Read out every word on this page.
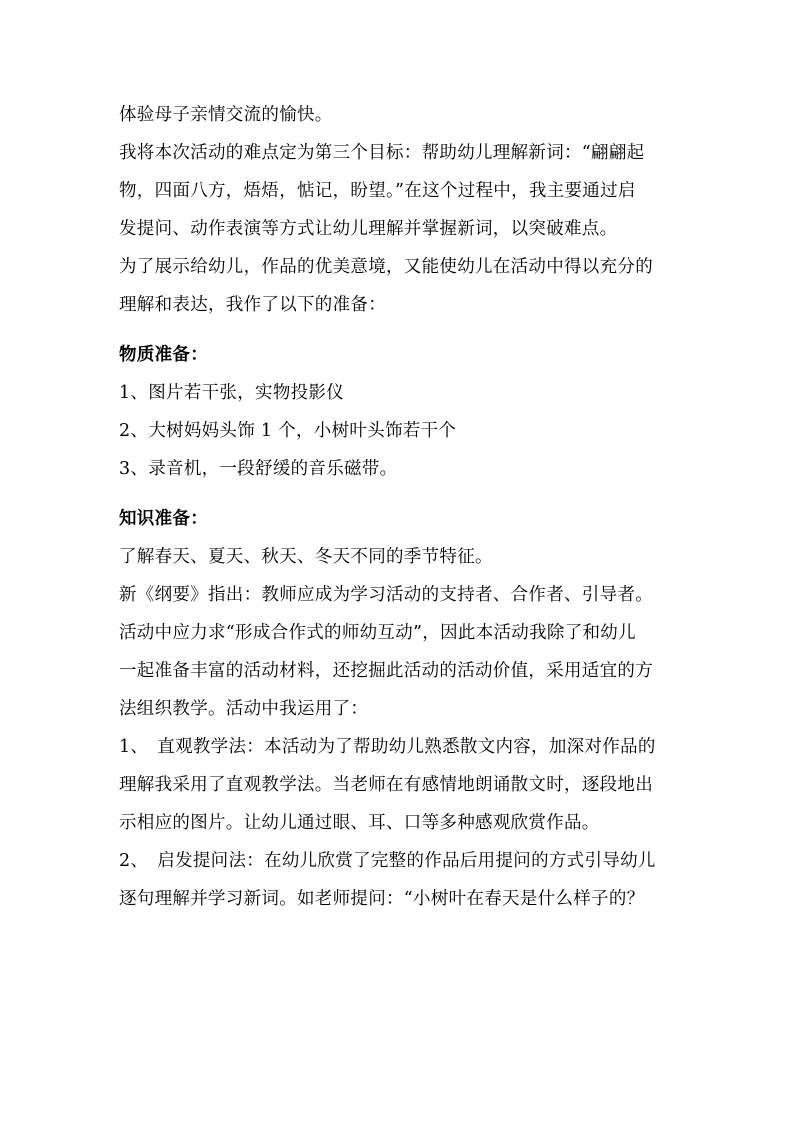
体验母子亲情交流的愉快。
我将本次活动的难点定为第三个目标：帮助幼儿理解新词：“翩翩起
物，四面八方，焐焐，惦记，盼望。”在这个过程中，我主要通过启
发提问、动作表演等方式让幼儿理解并掌握新词，以突破难点。
为了展示给幼儿，作品的优美意境，又能使幼儿在活动中得以充分的
理解和表达，我作了以下的准备：
物质准备：
1、图片若干张，实物投影仪
2、大树妈妈头饰 1 个，小树叶头饰若干个
3、录音机，一段舒缓的音乐磁带。
知识准备：
了解春天、夏天、秋天、冬天不同的季节特征。
新《纲要》指出：教师应成为学习活动的支持者、合作者、引导者。
活动中应力求“形成合作式的师幼互动”，因此本活动我除了和幼儿
一起准备丰富的活动材料，还挖掘此活动的活动价值，采用适宜的方
法组织教学。活动中我运用了：
1、　直观教学法：本活动为了帮助幼儿熟悉散文内容，加深对作品的
理解我采用了直观教学法。当老师在有感情地朗诵散文时，逐段地出
示相应的图片。让幼儿通过眼、耳、口等多种感观欣赏作品。
2、　启发提问法：在幼儿欣赏了完整的作品后用提问的方式引导幼儿
逐句理解并学习新词。如老师提问：“小树叶在春天是什么样子的？
